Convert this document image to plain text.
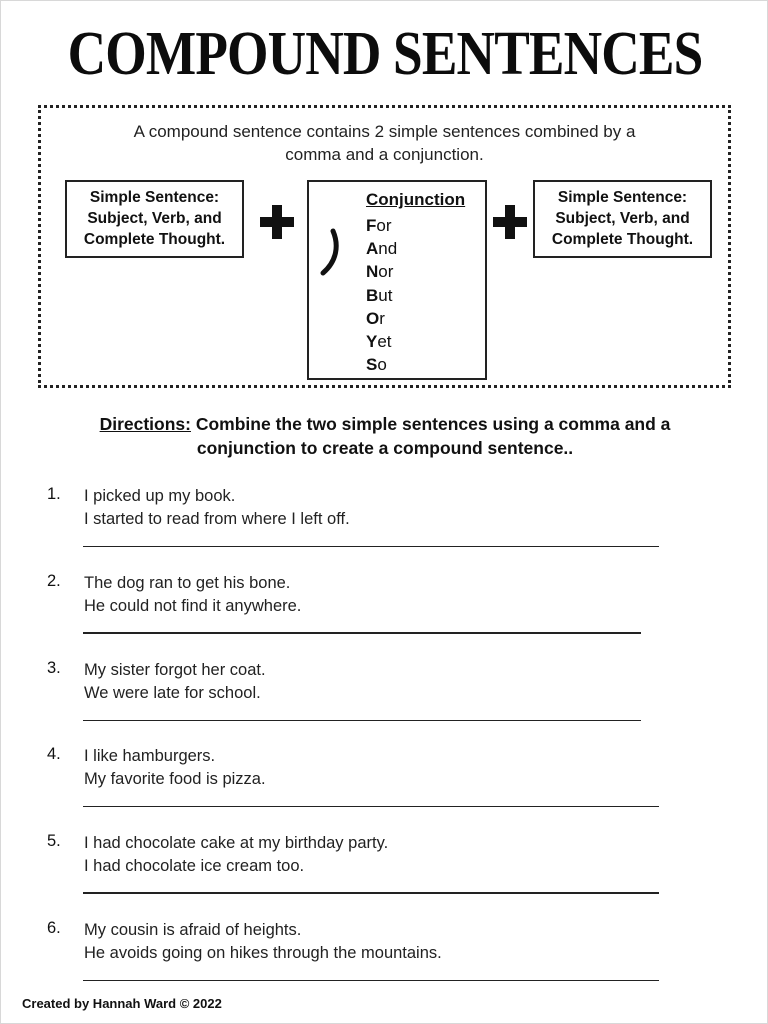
COMPOUND SENTENCES
A compound sentence contains 2 simple sentences combined by a
comma and a conjunction.
Simple Sentence:
Subject, Verb, and
Complete Thought.
Conjunction
For
And
Nor
But
Or
Yet
So
Simple Sentence:
Subject, Verb, and
Complete Thought.
Directions: Combine the two simple sentences using a comma and a
conjunction to create a compound sentence..
1. I picked up my book.
I started to read from where I left off.
2. The dog ran to get his bone.
He could not find it anywhere.
3. My sister forgot her coat.
We were late for school.
4. I like hamburgers.
My favorite food is pizza.
5. I had chocolate cake at my birthday party.
I had chocolate ice cream too.
6. My cousin is afraid of heights.
He avoids going on hikes through the mountains.
Created by Hannah Ward © 2022
